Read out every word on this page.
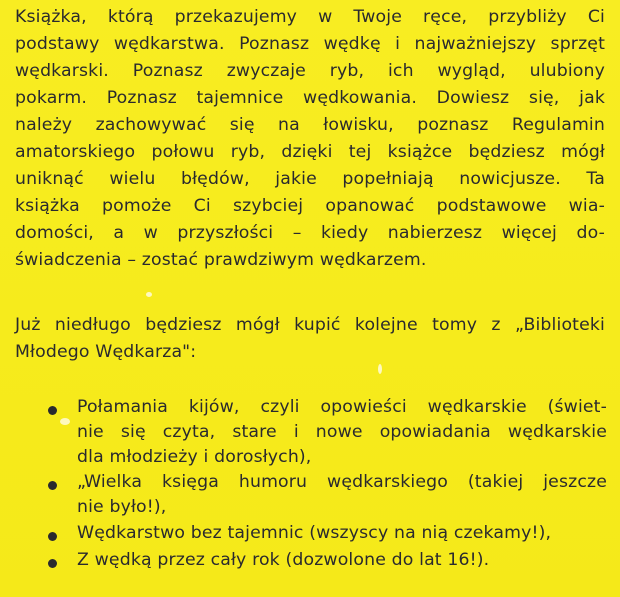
Książka, którą przekazujemy w Twoje ręce, przybliży Ci
podstawy wędkarstwa. Poznasz wędkę i najważniejszy sprzęt
wędkarski. Poznasz zwyczaje ryb, ich wygląd, ulubiony
pokarm. Poznasz tajemnice wędkowania. Dowiesz się, jak
należy zachowywać się na łowisku, poznasz Regulamin
amatorskiego połowu ryb, dzięki tej książce będziesz mógł
uniknąć wielu błędów, jakie popełniają nowicjusze. Ta
książka pomoże Ci szybciej opanować podstawowe wia-
domości, a w przyszłości – kiedy nabierzesz więcej do-
świadczenia – zostać prawdziwym wędkarzem.
Już niedługo będziesz mógł kupić kolejne tomy z „Biblioteki
Młodego Wędkarza":
Połamania kijów, czyli opowieści wędkarskie (świet-
nie się czyta, stare i nowe opowiadania wędkarskie
dla młodzieży i dorosłych),
„Wielka księga humoru wędkarskiego (takiej jeszcze
nie było!),
Wędkarstwo bez tajemnic (wszyscy na nią czekamy!),
Z wędką przez cały rok (dozwolone do lat 16!).
